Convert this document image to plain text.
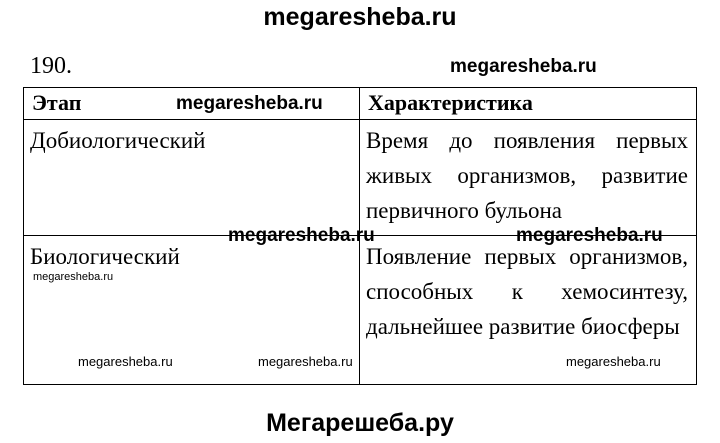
megaresheba.ru
190.
Этап	Характеристика
Добиологический	Время до появления первых живых организмов, развитие первичного бульона
Биологический	Появление первых организмов, способных к хемосинтезу, дальнейшее развитие биосферы
megaresheba.ru
megaresheba.ru
megaresheba.ru	megaresheba.ru
megaresheba.ru
megaresheba.ru	megaresheba.ru	megaresheba.ru
Мегарешеба.ру
